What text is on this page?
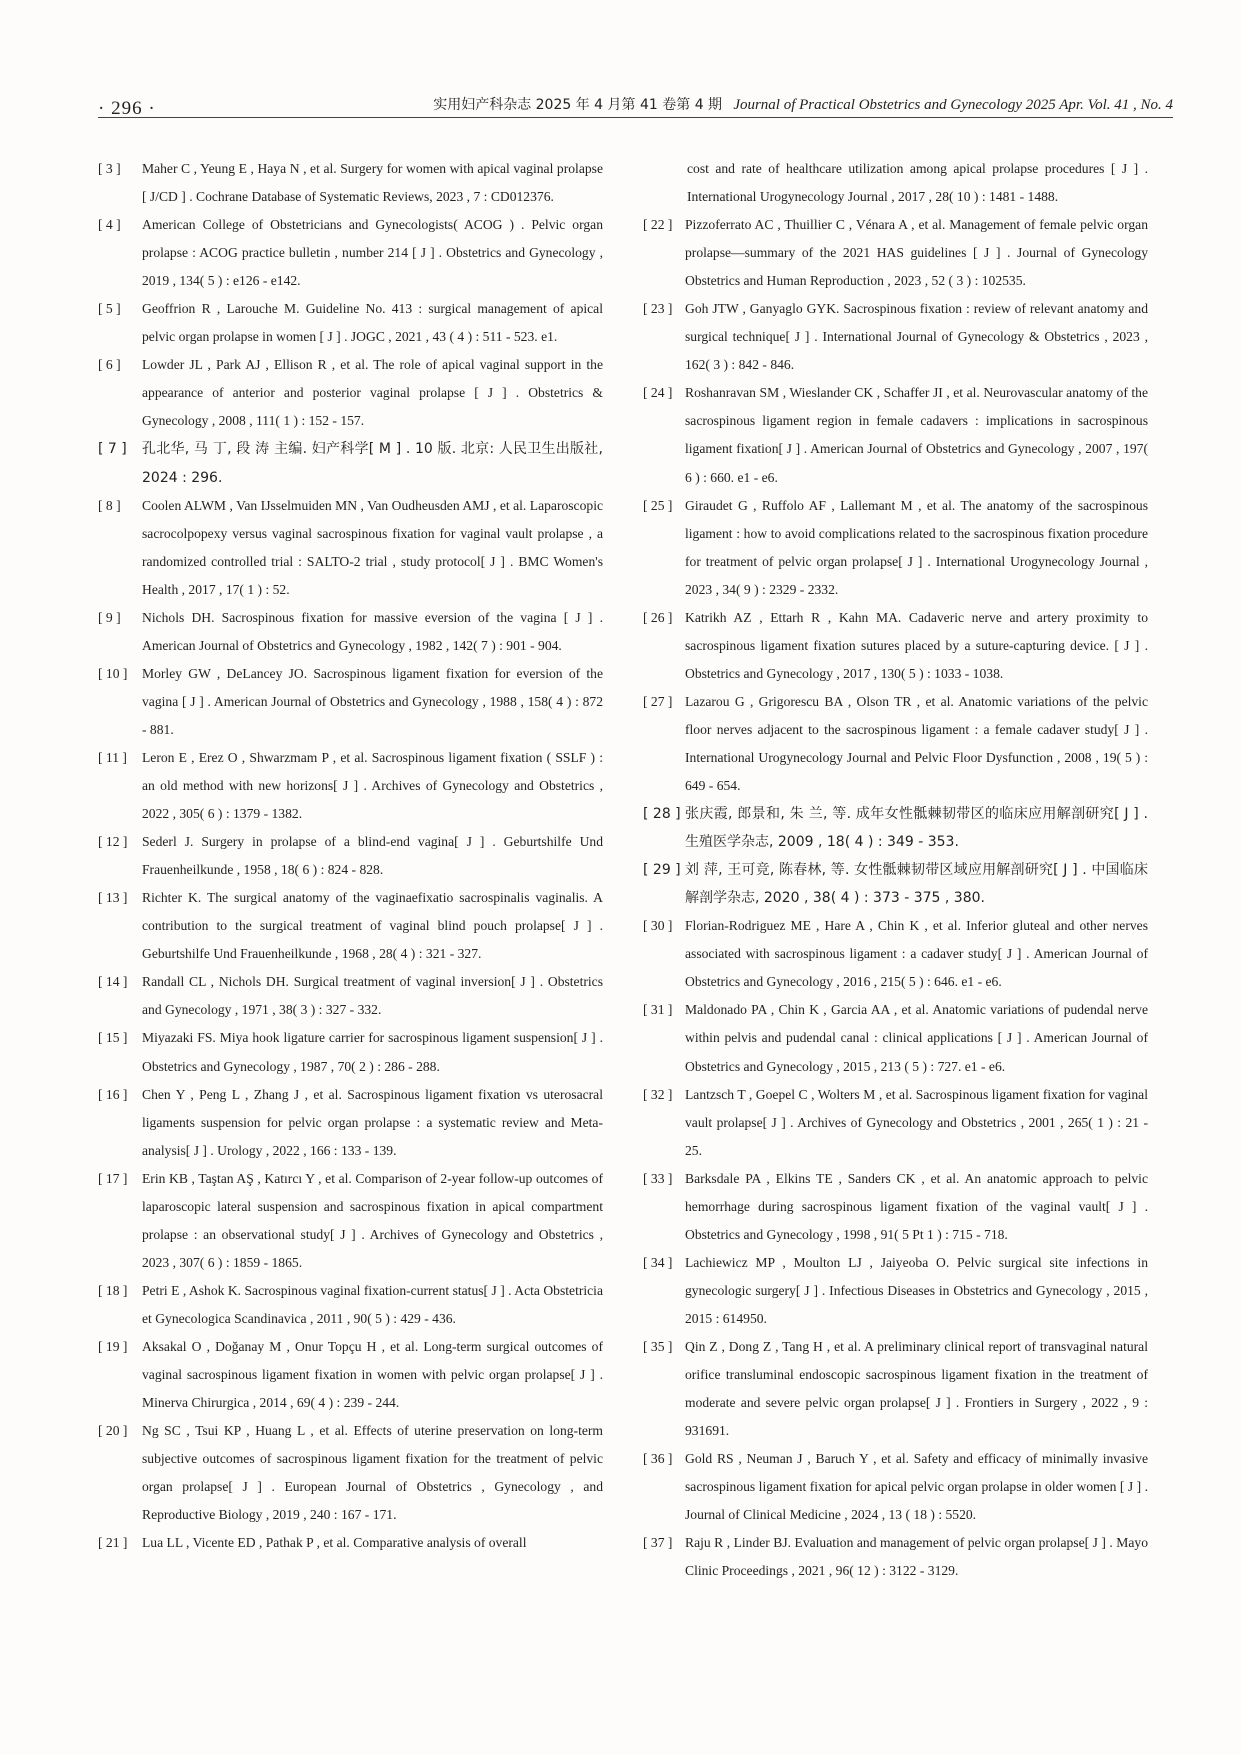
· 296 ·	实用妇产科杂志 2025 年 4 月第 41 卷第 4 期 Journal of Practical Obstetrics and Gynecology 2025 Apr. Vol. 41 , No. 4
[ 3 ]	Maher C , Yeung E , Haya N , et al. Surgery for women with apical vaginal prolapse [ J/CD ] . Cochrane Database of Systematic Reviews, 2023 , 7 : CD012376.
[ 4 ]	American College of Obstetricians and Gynecologists( ACOG ) . Pelvic organ prolapse : ACOG practice bulletin , number 214 [ J ] . Obstetrics and Gynecology , 2019 , 134( 5 ) : e126 - e142.
[ 5 ]	Geoffrion R , Larouche M. Guideline No. 413 : surgical management of apical pelvic organ prolapse in women [ J ] . JOGC , 2021 , 43 ( 4 ) : 511 - 523. e1.
[ 6 ]	Lowder JL , Park AJ , Ellison R , et al. The role of apical vaginal support in the appearance of anterior and posterior vaginal prolapse [ J ] . Obstetrics & Gynecology , 2008 , 111( 1 ) : 152 - 157.
[ 7 ]	孔北华, 马 丁, 段 涛 主编. 妇产科学[ M ] . 10 版. 北京: 人民卫生出版社, 2024 : 296.
[ 8 ]	Coolen ALWM , Van IJsselmuiden MN , Van Oudheusden AMJ , et al. Laparoscopic sacrocolpopexy versus vaginal sacrospinous fixation for vaginal vault prolapse , a randomized controlled trial : SALTO-2 trial , study protocol[ J ] . BMC Women's Health , 2017 , 17( 1 ) : 52.
[ 9 ]	Nichols DH. Sacrospinous fixation for massive eversion of the vagina [ J ] . American Journal of Obstetrics and Gynecology , 1982 , 142( 7 ) : 901 - 904.
[ 10 ]	Morley GW , DeLancey JO. Sacrospinous ligament fixation for eversion of the vagina [ J ] . American Journal of Obstetrics and Gynecology , 1988 , 158( 4 ) : 872 - 881.
[ 11 ]	Leron E , Erez O , Shwarzmam P , et al. Sacrospinous ligament fixation ( SSLF ) : an old method with new horizons[ J ] . Archives of Gynecology and Obstetrics , 2022 , 305( 6 ) : 1379 - 1382.
[ 12 ]	Sederl J. Surgery in prolapse of a blind-end vagina[ J ] . Geburtshilfe Und Frauenheilkunde , 1958 , 18( 6 ) : 824 - 828.
[ 13 ]	Richter K. The surgical anatomy of the vaginaefixatio sacrospinalis vaginalis. A contribution to the surgical treatment of vaginal blind pouch prolapse[ J ] . Geburtshilfe Und Frauenheilkunde , 1968 , 28( 4 ) : 321 - 327.
[ 14 ]	Randall CL , Nichols DH. Surgical treatment of vaginal inversion[ J ] . Obstetrics and Gynecology , 1971 , 38( 3 ) : 327 - 332.
[ 15 ]	Miyazaki FS. Miya hook ligature carrier for sacrospinous ligament suspension[ J ] . Obstetrics and Gynecology , 1987 , 70( 2 ) : 286 - 288.
[ 16 ]	Chen Y , Peng L , Zhang J , et al. Sacrospinous ligament fixation vs uterosacral ligaments suspension for pelvic organ prolapse : a systematic review and Meta-analysis[ J ] . Urology , 2022 , 166 : 133 - 139.
[ 17 ]	Erin KB , Taştan AŞ , Katırcı Y , et al. Comparison of 2-year follow-up outcomes of laparoscopic lateral suspension and sacrospinous fixation in apical compartment prolapse : an observational study[ J ] . Archives of Gynecology and Obstetrics , 2023 , 307( 6 ) : 1859 - 1865.
[ 18 ]	Petri E , Ashok K. Sacrospinous vaginal fixation-current status[ J ] . Acta Obstetricia et Gynecologica Scandinavica , 2011 , 90( 5 ) : 429 - 436.
[ 19 ]	Aksakal O , Doğanay M , Onur Topçu H , et al. Long-term surgical outcomes of vaginal sacrospinous ligament fixation in women with pelvic organ prolapse[ J ] . Minerva Chirurgica , 2014 , 69( 4 ) : 239 - 244.
[ 20 ]	Ng SC , Tsui KP , Huang L , et al. Effects of uterine preservation on long-term subjective outcomes of sacrospinous ligament fixation for the treatment of pelvic organ prolapse[ J ] . European Journal of Obstetrics , Gynecology , and Reproductive Biology , 2019 , 240 : 167 - 171.
[ 21 ]	Lua LL , Vicente ED , Pathak P , et al. Comparative analysis of overall
cost and rate of healthcare utilization among apical prolapse procedures [ J ] . International Urogynecology Journal , 2017 , 28( 10 ) : 1481 - 1488.
[ 22 ] Pizzoferrato AC , Thuillier C , Vénara A , et al. Management of female pelvic organ prolapse—summary of the 2021 HAS guidelines [ J ] . Journal of Gynecology Obstetrics and Human Reproduction , 2023 , 52 ( 3 ) : 102535.
[ 23 ] Goh JTW , Ganyaglo GYK. Sacrospinous fixation : review of relevant anatomy and surgical technique[ J ] . International Journal of Gynecology & Obstetrics , 2023 , 162( 3 ) : 842 - 846.
[ 24 ] Roshanravan SM , Wieslander CK , Schaffer JI , et al. Neurovascular anatomy of the sacrospinous ligament region in female cadavers : implications in sacrospinous ligament fixation[ J ] . American Journal of Obstetrics and Gynecology , 2007 , 197( 6 ) : 660. e1 - e6.
[ 25 ] Giraudet G , Ruffolo AF , Lallemant M , et al. The anatomy of the sacrospinous ligament : how to avoid complications related to the sacrospinous fixation procedure for treatment of pelvic organ prolapse[ J ] . International Urogynecology Journal , 2023 , 34( 9 ) : 2329 - 2332.
[ 26 ] Katrikh AZ , Ettarh R , Kahn MA. Cadaveric nerve and artery proximity to sacrospinous ligament fixation sutures placed by a suture-capturing device. [ J ] . Obstetrics and Gynecology , 2017 , 130( 5 ) : 1033 - 1038.
[ 27 ] Lazarou G , Grigorescu BA , Olson TR , et al. Anatomic variations of the pelvic floor nerves adjacent to the sacrospinous ligament : a female cadaver study[ J ] . International Urogynecology Journal and Pelvic Floor Dysfunction , 2008 , 19( 5 ) : 649 - 654.
[ 28 ] 张庆霞, 郎景和, 朱 兰, 等. 成年女性骶棘韧带区的临床应用解剖研究[ J ] . 生殖医学杂志, 2009 , 18( 4 ) : 349 - 353.
[ 29 ] 刘 萍, 王可竞, 陈春林, 等. 女性骶棘韧带区域应用解剖研究[ J ] . 中国临床解剖学杂志, 2020 , 38( 4 ) : 373 - 375 , 380.
[ 30 ] Florian-Rodriguez ME , Hare A , Chin K , et al. Inferior gluteal and other nerves associated with sacrospinous ligament : a cadaver study[ J ] . American Journal of Obstetrics and Gynecology , 2016 , 215( 5 ) : 646. e1 - e6.
[ 31 ] Maldonado PA , Chin K , Garcia AA , et al. Anatomic variations of pudendal nerve within pelvis and pudendal canal : clinical applications [ J ] . American Journal of Obstetrics and Gynecology , 2015 , 213 ( 5 ) : 727. e1 - e6.
[ 32 ] Lantzsch T , Goepel C , Wolters M , et al. Sacrospinous ligament fixation for vaginal vault prolapse[ J ] . Archives of Gynecology and Obstetrics , 2001 , 265( 1 ) : 21 - 25.
[ 33 ] Barksdale PA , Elkins TE , Sanders CK , et al. An anatomic approach to pelvic hemorrhage during sacrospinous ligament fixation of the vaginal vault[ J ] . Obstetrics and Gynecology , 1998 , 91( 5 Pt 1 ) : 715 - 718.
[ 34 ] Lachiewicz MP , Moulton LJ , Jaiyeoba O. Pelvic surgical site infections in gynecologic surgery[ J ] . Infectious Diseases in Obstetrics and Gynecology , 2015 , 2015 : 614950.
[ 35 ] Qin Z , Dong Z , Tang H , et al. A preliminary clinical report of transvaginal natural orifice transluminal endoscopic sacrospinous ligament fixation in the treatment of moderate and severe pelvic organ prolapse[ J ] . Frontiers in Surgery , 2022 , 9 : 931691.
[ 36 ] Gold RS , Neuman J , Baruch Y , et al. Safety and efficacy of minimally invasive sacrospinous ligament fixation for apical pelvic organ prolapse in older women [ J ] . Journal of Clinical Medicine , 2024 , 13 ( 18 ) : 5520.
[ 37 ] Raju R , Linder BJ. Evaluation and management of pelvic organ prolapse[ J ] . Mayo Clinic Proceedings , 2021 , 96( 12 ) : 3122 - 3129.
